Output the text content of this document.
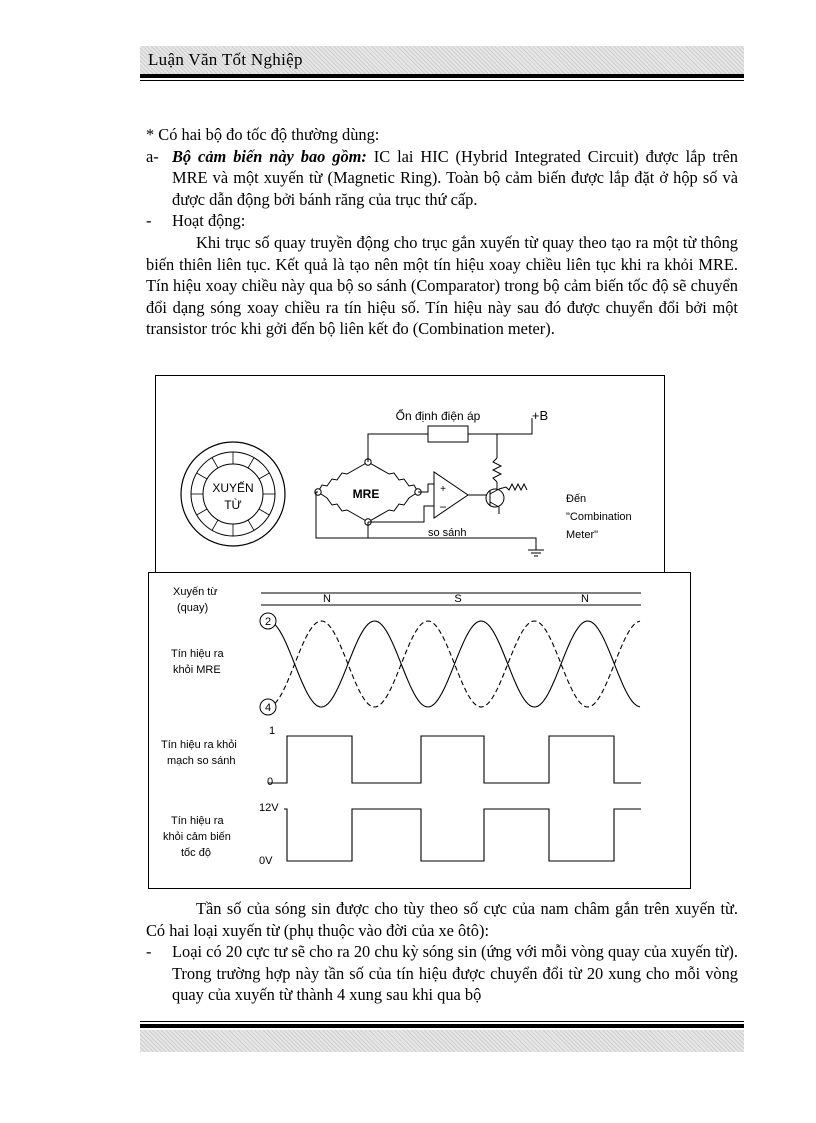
Luận Văn Tốt Nghiệp

* Có hai bộ đo tốc độ thường dùng:

a- Bộ cảm biến này bao gồm: IC lai HIC (Hybrid Integrated Circuit) được lắp trên MRE và một xuyến từ (Magnetic Ring). Toàn bộ cảm biến được lắp đặt ở hộp số và được dẫn động bởi bánh răng của trục thứ cấp.
-	Hoạt động:

Khi trục số quay truyền động cho trục gắn xuyến từ quay theo tạo ra một từ thông biến thiên liên tục. Kết quả là tạo nên một tín hiệu xoay chiều liên tục khi ra khỏi MRE. Tín hiệu xoay chiều này qua bộ so sánh (Comparator) trong bộ cảm biến tốc độ sẽ chuyển đổi dạng sóng xoay chiều ra tín hiệu số. Tín hiệu này sau đó được chuyển đổi bởi một transistor tróc khi gởi đến bộ liên kết đo (Combination meter).

XUYẾN
TỪ
MRE
Ổn định điện áp	+B
+
−
so sánh
Đến
"Combination
Meter"
Xuyến từ
(quay)
N	S	N
Tín hiệu ra
khỏi MRE
2
4
Tín hiệu ra khỏi
mạch so sánh
1
0
Tín hiệu ra
khỏi cảm biến
tốc độ
12V
0V

Tần số của sóng sin được cho tùy theo số cực của nam châm gắn trên xuyến từ. Có hai loại xuyến từ (phụ thuộc vào đời của xe ôtô):

-	Loại có 20 cực tư sẽ cho ra 20 chu kỳ sóng sin (ứng với mỗi vòng quay của xuyến từ). Trong trường hợp này tần số của tín hiệu được chuyển đổi từ 20 xung cho mỗi vòng quay của xuyến từ thành 4 xung sau khi qua bộ
